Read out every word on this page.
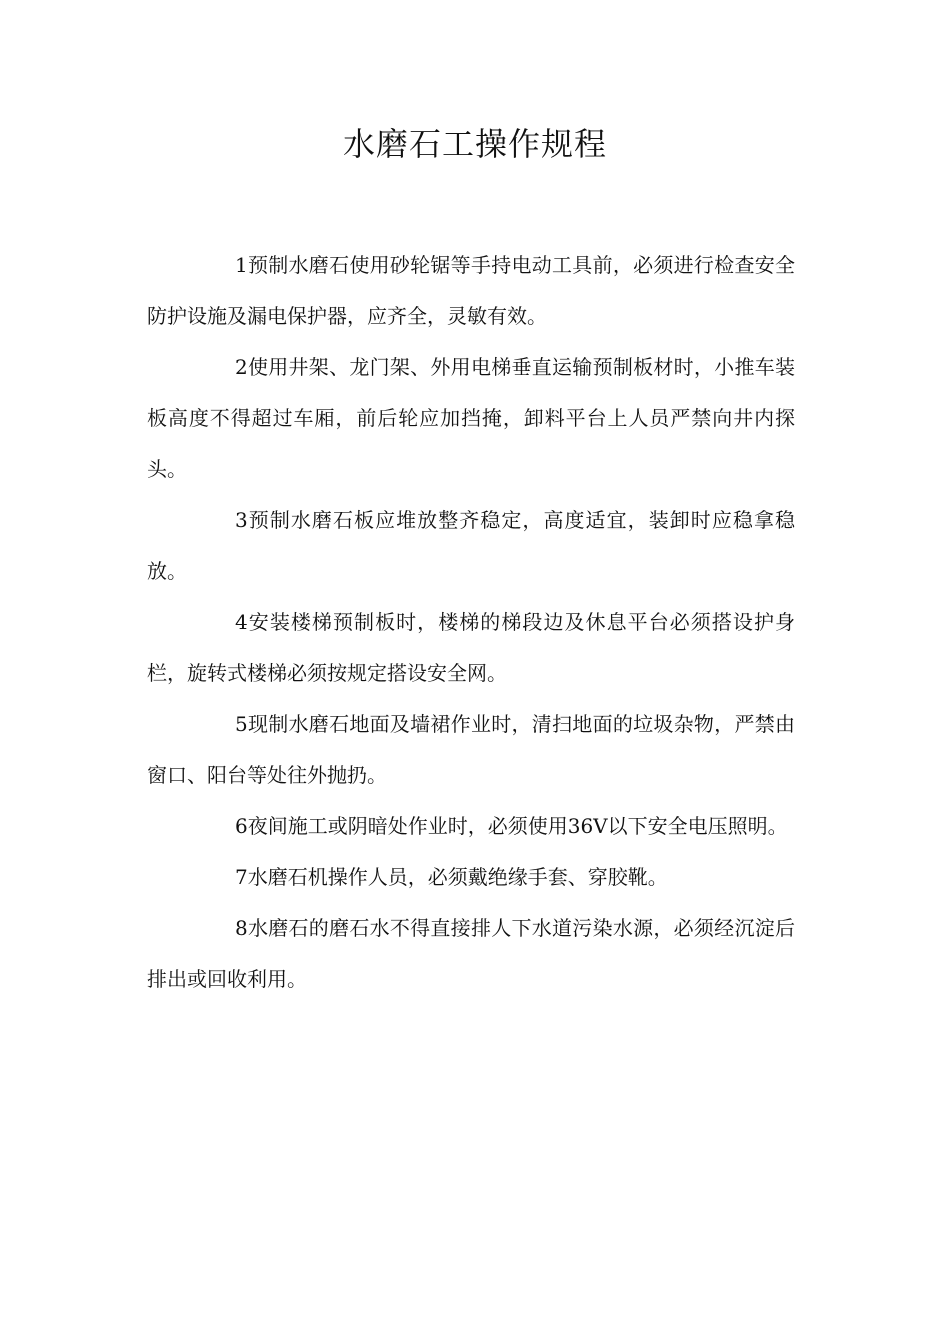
水磨石工操作规程

1预制水磨石使用砂轮锯等手持电动工具前，必须进行检查安全防护设施及漏电保护器，应齐全，灵敏有效。

2使用井架、龙门架、外用电梯垂直运输预制板材时，小推车装板高度不得超过车厢，前后轮应加挡掩，卸料平台上人员严禁向井内探头。

3预制水磨石板应堆放整齐稳定，高度适宜，装卸时应稳拿稳放。

4安装楼梯预制板时，楼梯的梯段边及休息平台必须搭设护身栏，旋转式楼梯必须按规定搭设安全网。

5现制水磨石地面及墙裙作业时，清扫地面的垃圾杂物，严禁由窗口、阳台等处往外抛扔。

6夜间施工或阴暗处作业时，必须使用36V以下安全电压照明。

7水磨石机操作人员，必须戴绝缘手套、穿胶靴。

8水磨石的磨石水不得直接排人下水道污染水源，必须经沉淀后排出或回收利用。
